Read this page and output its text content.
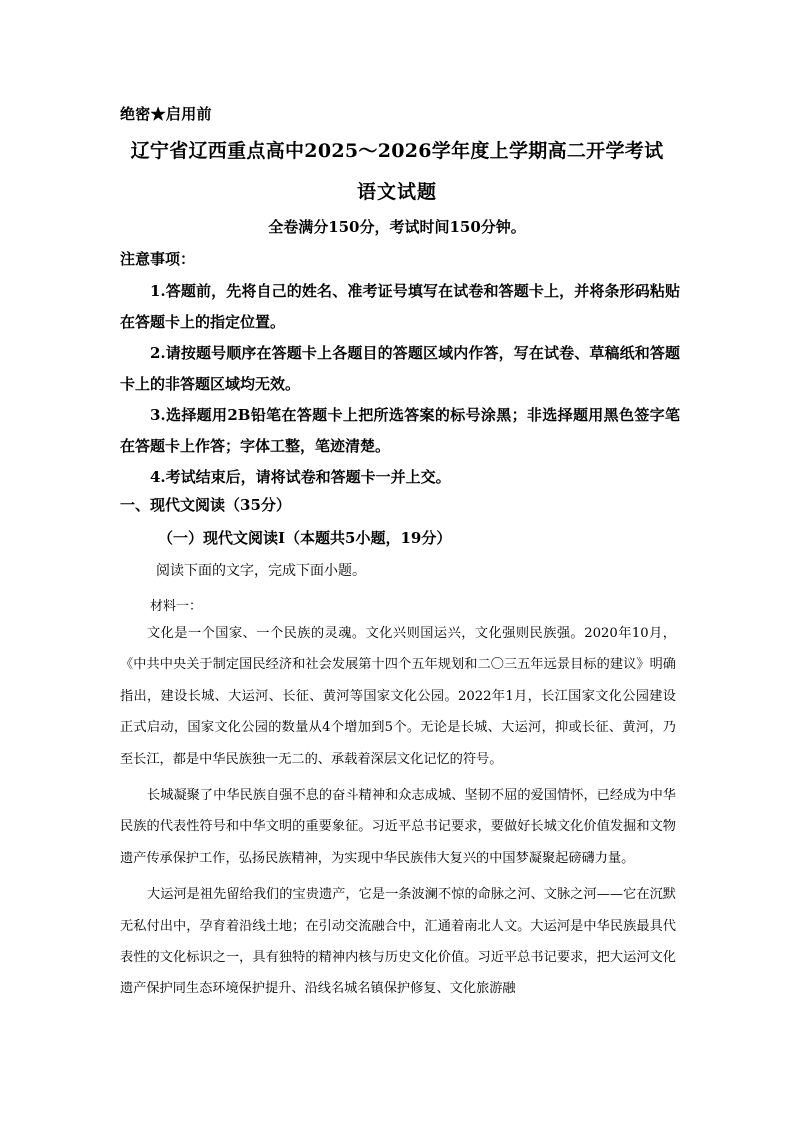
绝密★启用前
辽宁省辽西重点高中2025～2026学年度上学期高二开学考试
语文试题
全卷满分150分，考试时间150分钟。
注意事项：

1.答题前，先将自己的姓名、准考证号填写在试卷和答题卡上，并将条形码粘贴在答题卡上的指定位置。

2.请按题号顺序在答题卡上各题目的答题区域内作答，写在试卷、草稿纸和答题卡上的非答题区域均无效。

3.选择题用2B铅笔在答题卡上把所选答案的标号涂黑；非选择题用黑色签字笔在答题卡上作答；字体工整，笔迹清楚。

4.考试结束后，请将试卷和答题卡一并上交。

一、现代文阅读（35分）
（一）现代文阅读Ⅰ（本题共5小题，19分）
阅读下面的文字，完成下面小题。
材料一：

文化是一个国家、一个民族的灵魂。文化兴则国运兴，文化强则民族强。2020年10月，《中共中央关于制定国民经济和社会发展第十四个五年规划和二〇三五年远景目标的建议》明确指出，建设长城、大运河、长征、黄河等国家文化公园。2022年1月，长江国家文化公园建设正式启动，国家文化公园的数量从4个增加到5个。无论是长城、大运河，抑或长征、黄河，乃至长江，都是中华民族独一无二的、承载着深层文化记忆的符号。

长城凝聚了中华民族自强不息的奋斗精神和众志成城、坚韧不屈的爱国情怀，已经成为中华民族的代表性符号和中华文明的重要象征。习近平总书记要求，要做好长城文化价值发掘和文物遗产传承保护工作，弘扬民族精神，为实现中华民族伟大复兴的中国梦凝聚起磅礴力量。

大运河是祖先留给我们的宝贵遗产，它是一条波澜不惊的命脉之河、文脉之河——它在沉默无私付出中，孕育着沿线土地；在引动交流融合中，汇通着南北人文。大运河是中华民族最具代表性的文化标识之一，具有独特的精神内核与历史文化价值。习近平总书记要求，把大运河文化遗产保护同生态环境保护提升、沿线名城名镇保护修复、文化旅游融
